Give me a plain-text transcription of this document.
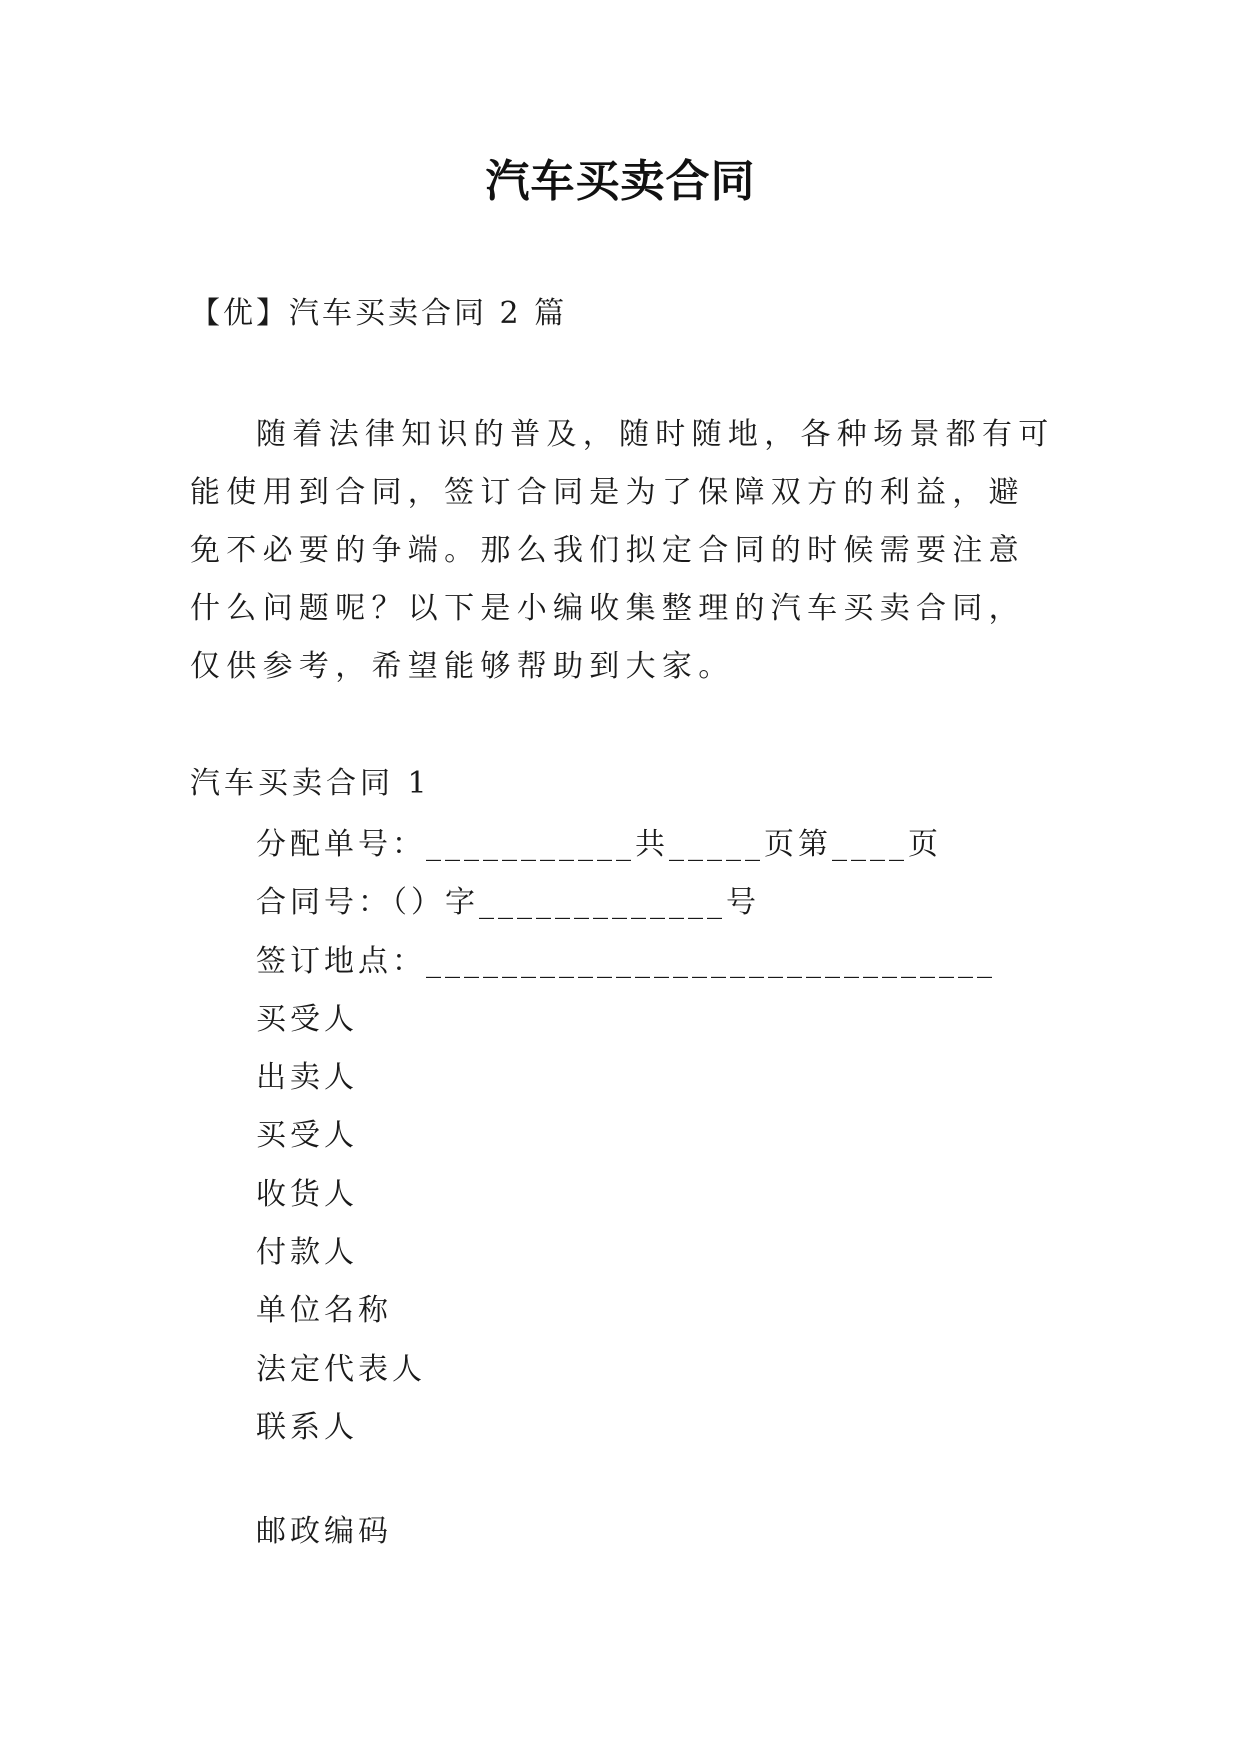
汽车买卖合同
【优】汽车买卖合同 2 篇

随着法律知识的普及，随时随地，各种场景都有可能使用到合同，签订合同是为了保障双方的利益，避免不必要的争端。那么我们拟定合同的时候需要注意什么问题呢？以下是小编收集整理的汽车买卖合同，仅供参考，希望能够帮助到大家。

汽车买卖合同 1
分配单号：___________共_____页第____页
合同号：（）字_____________号
签订地点：______________________________
买受人
出卖人
买受人
收货人
付款人
单位名称
法定代表人
联系人
邮政编码
